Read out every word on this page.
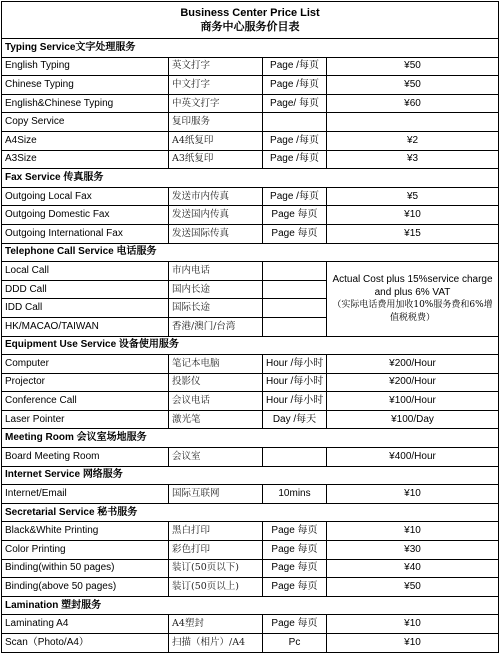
Business Center Price List
商务中心服务价目表			
Typing Service文字处理服务			
English Typing	英文打字	Page /每页	¥50
Chinese Typing	中文打字	Page /每页	¥50
English&Chinese Typing	中英文打字	Page/ 每页	¥60
Copy Service	复印服务		
A4Size	A4纸复印	Page /每页	¥2
A3Size	A3纸复印	Page /每页	¥3
Fax Service 传真服务			
Outgoing Local Fax	发送市内传真	Page /每页	¥5
Outgoing Domestic Fax	发送国内传真	Page 每页	¥10
Outgoing International Fax	发送国际传真	Page 每页	¥15
Telephone Call Service 电话服务			
Local Call	市内电话		Actual Cost plus 15%service charge and plus 6% VAT
（实际电话费用加收10%服务费和6%增值税税费）

DDD Call	国内长途		
IDD Call	国际长途		
HK/MACAO/TAIWAN	香港/澳门/台湾		
Equipment Use Service 设备使用服务			
Computer	笔记本电脑	Hour /每小时	¥200/Hour
Projector	投影仪	Hour /每小时	¥200/Hour
Conference Call	会议电话	Hour /每小时	¥100/Hour
Laser Pointer	激光笔	Day /每天	¥100/Day
Meeting Room 会议室场地服务			
Board Meeting Room	会议室		¥400/Hour
Internet Service 网络服务			
Internet/Email	国际互联网	10mins	¥10
Secretarial Service 秘书服务			
Black&White Printing	黑白打印	Page 每页	¥10
Color Printing	彩色打印	Page 每页	¥30
Binding(within 50 pages)	装订(50页以下)	Page 每页	¥40
Binding(above 50 pages)	装订(50页以上)	Page 每页	¥50
Lamination 塑封服务			
Laminating A4	A4塑封	Page 每页	¥10
Scan（Photo/A4）	扫描（相片）/A4	Pc	¥10
